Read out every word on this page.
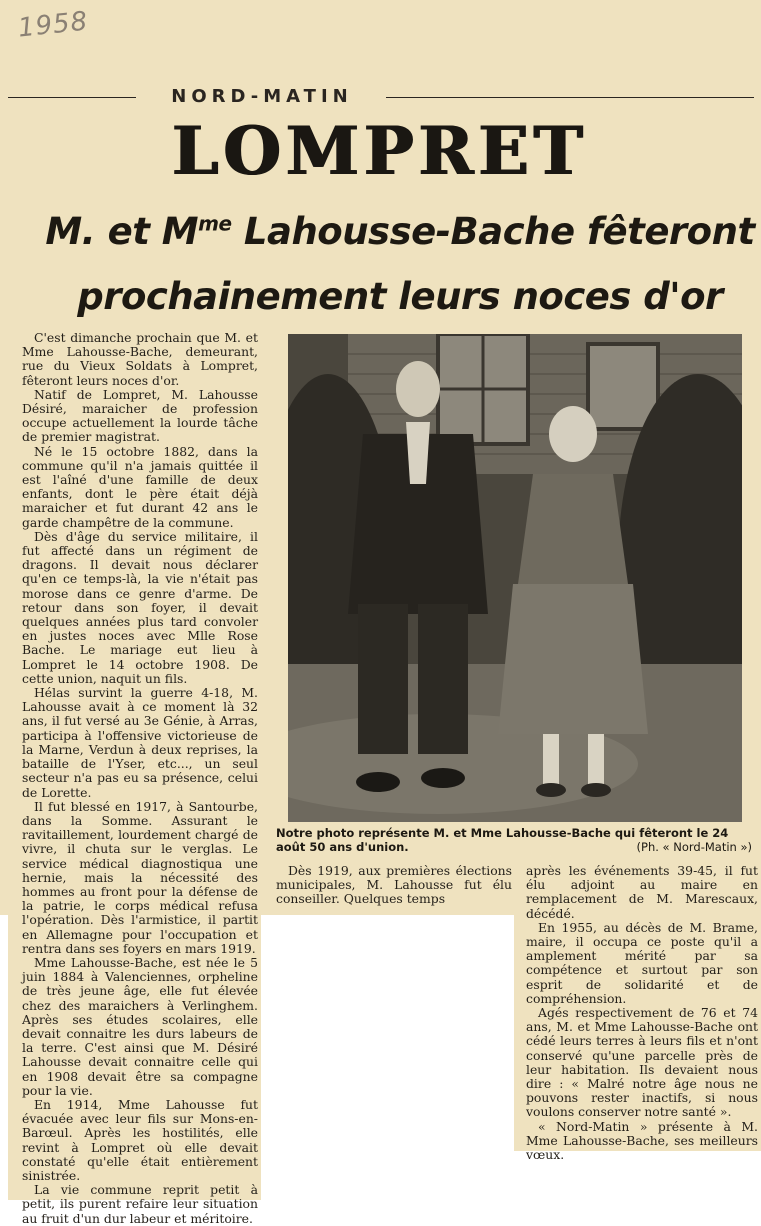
1958
NORD-MATIN
LOMPRET
M. et $M^{me}$ Lahousse-Bache fêteront
prochainement leurs noces d'or

C'est dimanche prochain que M. et Mme Lahousse-Bache, demeurant, rue du Vieux Soldats à Lompret, fêteront leurs noces d'or.

Natif de Lompret, M. Lahousse Désiré, maraicher de profession occupe actuellement la lourde tâche de premier magistrat.

Né le 15 octobre 1882, dans la commune qu'il n'a jamais quittée il est l'aîné d'une famille de deux enfants, dont le père était déjà maraicher et fut durant 42 ans le garde champêtre de la commune.

Dès d'âge du service militaire, il fut affecté dans un régiment de dragons. Il devait nous déclarer qu'en ce temps-là, la vie n'était pas morose dans ce genre d'arme. De retour dans son foyer, il devait quelques années plus tard convoler en justes noces avec Mlle Rose Bache. Le mariage eut lieu à Lompret le 14 octobre 1908. De cette union, naquit un fils.

Hélas survint la guerre 4-18, M. Lahousse avait à ce moment là 32 ans, il fut versé au 3e Génie, à Arras, participa à l'offensive victorieuse de la Marne, Verdun à deux reprises, la bataille de l'Yser, etc..., un seul secteur n'a pas eu sa présence, celui de Lorette.

Il fut blessé en 1917, à Santourbe, dans la Somme. Assurant le ravitaillement, lourdement chargé de vivre, il chuta sur le verglas. Le service médical diagnostiqua une hernie, mais la nécessité des hommes au front pour la défense de la patrie, le corps médical refusa l'opération. Dès l'armistice, il partit en Allemagne pour l'occupation et rentra dans ses foyers en mars 1919.

Mme Lahousse-Bache, est née le 5 juin 1884 à Valenciennes, orpheline de très jeune âge, elle fut élevée chez des maraichers à Verlinghem. Après ses études scolaires, elle devait connaitre les durs labeurs de la terre. C'est ainsi que M. Désiré Lahousse devait connaitre celle qui en 1908 devait être sa compagne pour la vie.

En 1914, Mme Lahousse fut évacuée avec leur fils sur Mons-en-Barœul. Après les hostilités, elle revint à Lompret où elle devait constaté qu'elle était entièrement sinistrée.

La vie commune reprit petit à petit, ils purent refaire leur situation au fruit d'un dur labeur et méritoire.

Notre photo représente M. et Mme Lahousse-Bache qui fêteront le 24 août 50 ans d'union.	(Ph. « Nord-Matin »)

Dès 1919, aux premières élections municipales, M. Lahousse fut élu conseiller. Quelques temps

après les événements 39-45, il fut élu adjoint au maire en remplacement de M. Marescaux, décédé.

En 1955, au décès de M. Brame, maire, il occupa ce poste qu'il a amplement mérité par sa compétence et surtout par son esprit de solidarité et de compréhension.

Agés respectivement de 76 et 74 ans, M. et Mme Lahousse-Bache ont cédé leurs terres à leurs fils et n'ont conservé qu'une parcelle près de leur habitation. Ils devaient nous dire : « Malré notre âge nous ne pouvons rester inactifs, si nous voulons conserver notre santé ».

« Nord-Matin » présente à M. Mme Lahousse-Bache, ses meilleurs vœux.
